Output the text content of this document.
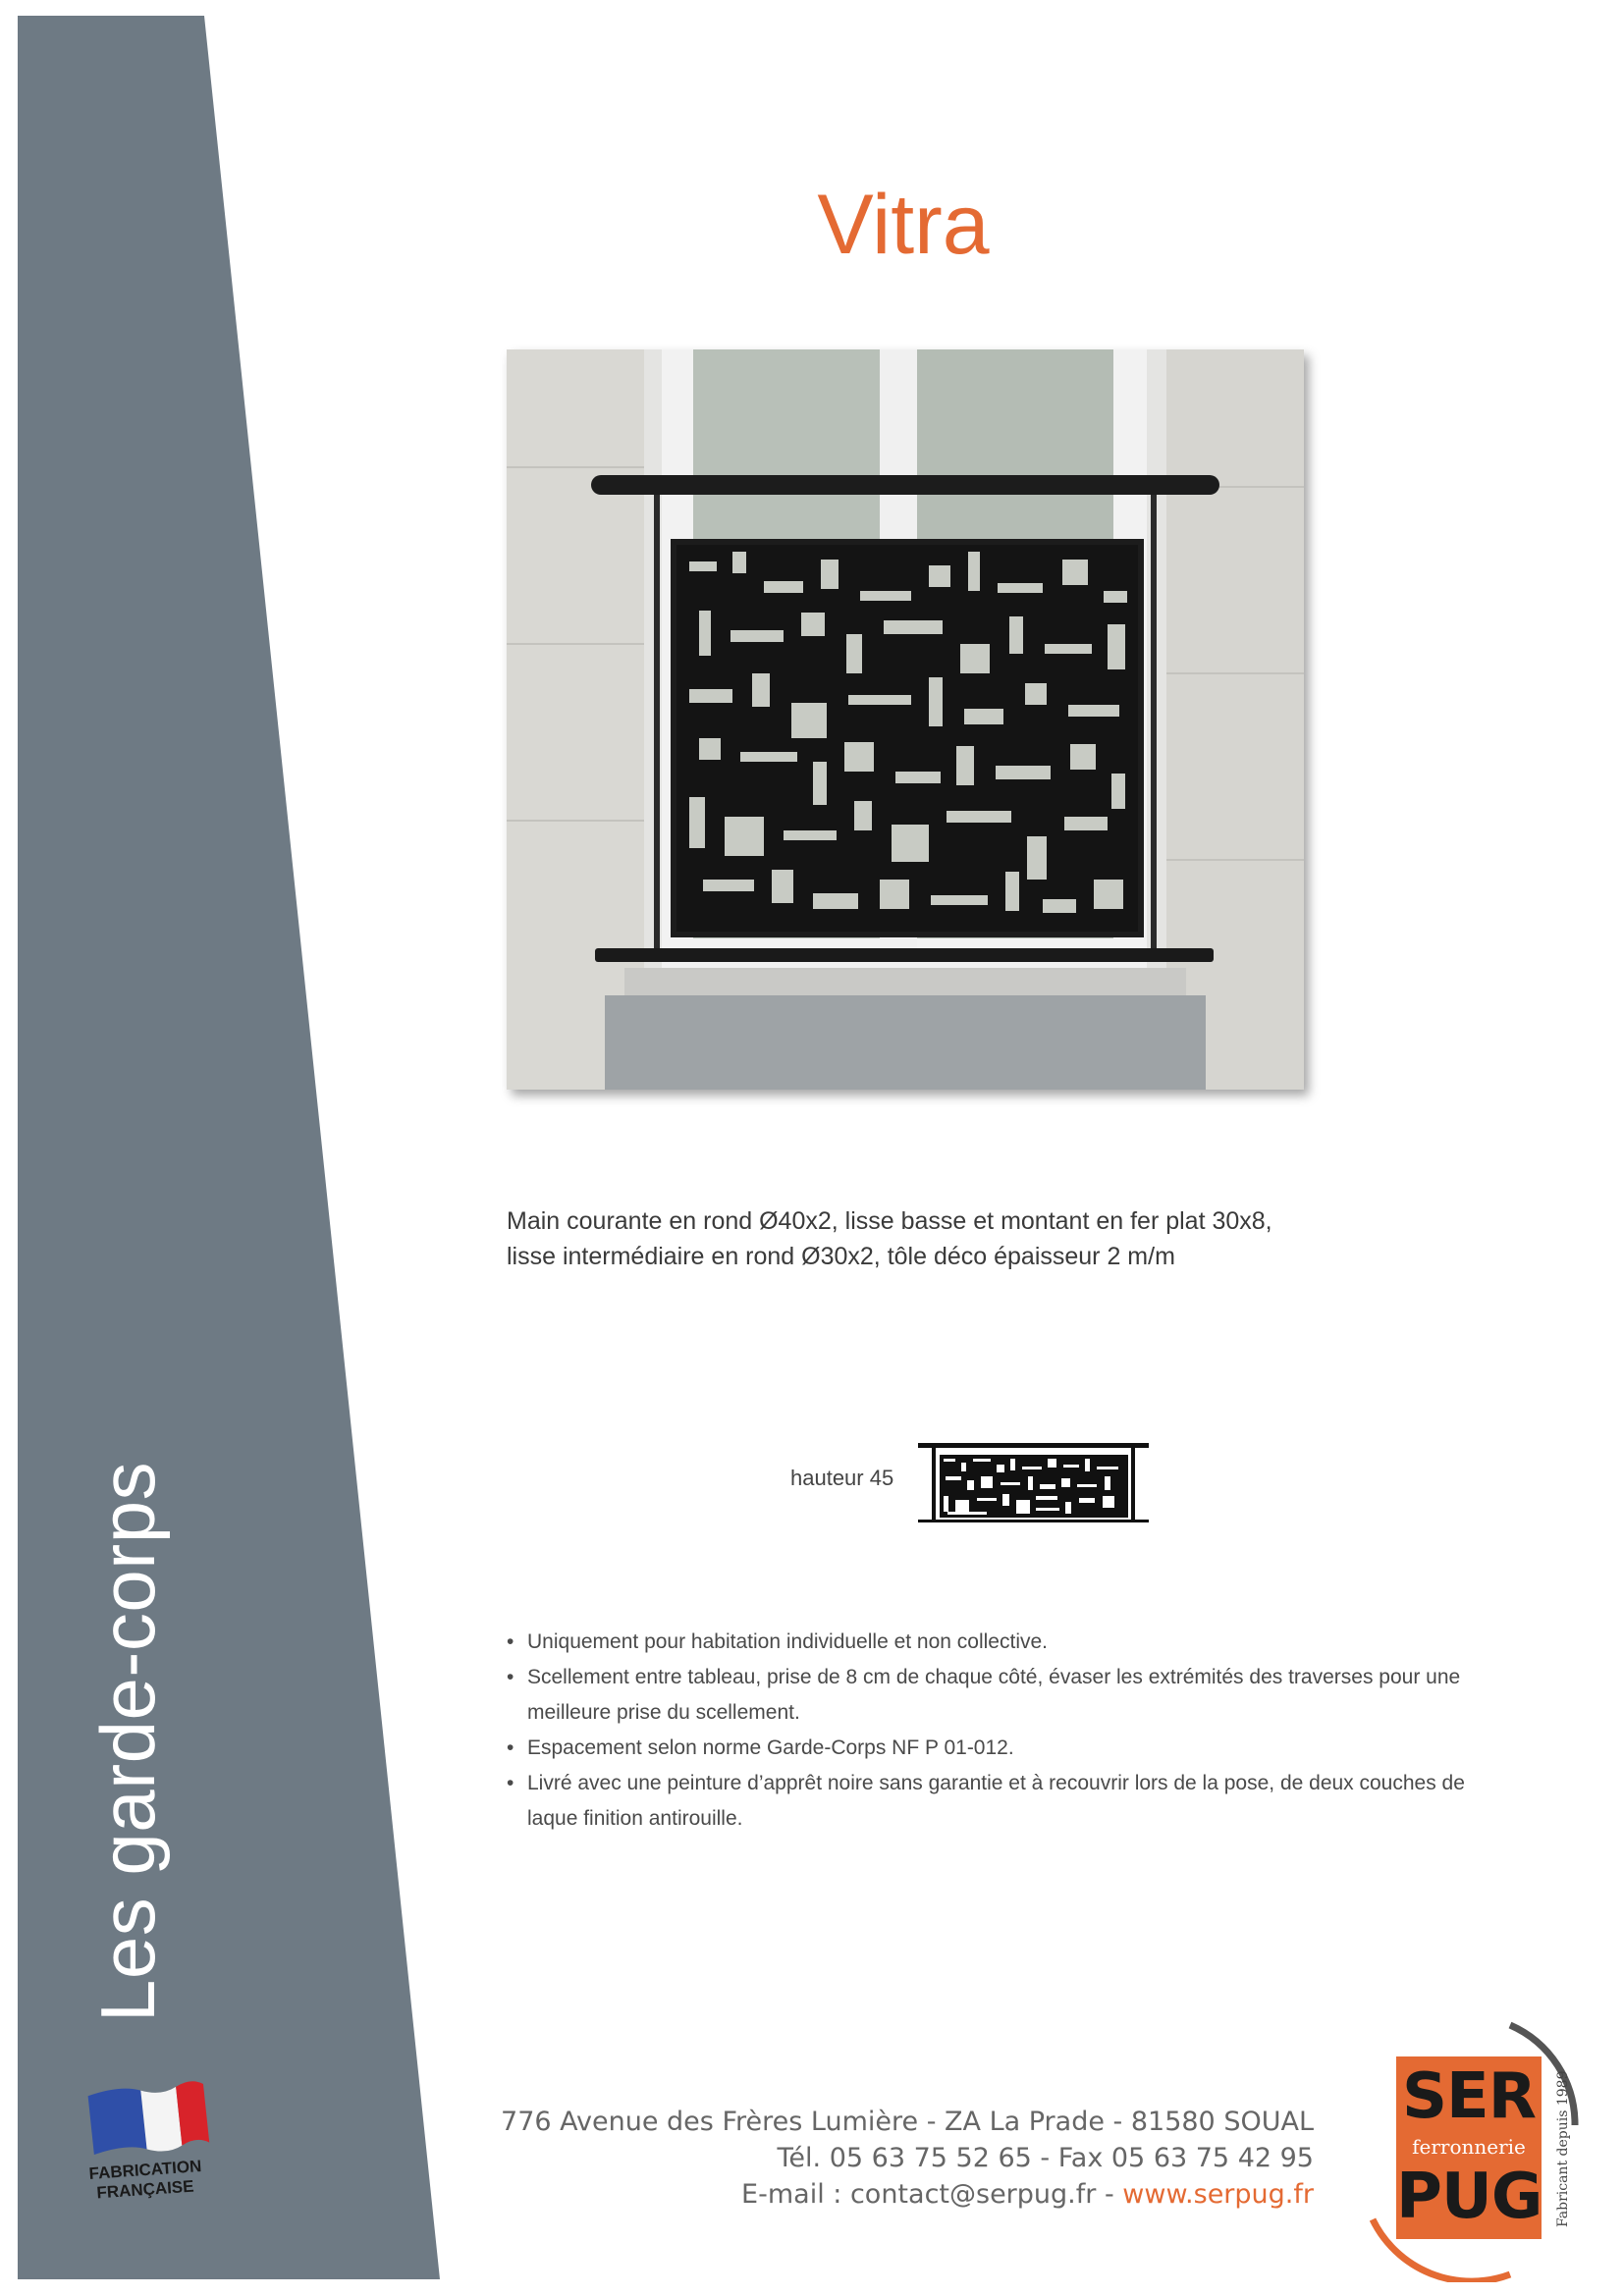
Les garde-corps
FABRICATION
FRANÇAISE
Vitra
Main courante en rond Ø40x2, lisse basse et montant en fer plat 30x8, lisse intermédiaire en rond Ø30x2, tôle déco épaisseur 2 m/m
hauteur 45
• Uniquement pour habitation individuelle et non collective.
• Scellement entre tableau, prise de 8 cm de chaque côté, évaser les extrémités des traverses pour une meilleure prise du scellement.
• Espacement selon norme Garde-Corps NF P 01-012.
• Livré avec une peinture d’apprêt noire sans garantie et à recouvrir lors de la pose, de deux couches de laque finition antirouille.
776 Avenue des Frères Lumière - ZA La Prade - 81580 SOUAL
Tél. 05 63 75 52 65 - Fax 05 63 75 42 95
E-mail : contact@serpug.fr - www.serpug.fr
SER
ferronnerie
PUG Fabricant depuis 1989
